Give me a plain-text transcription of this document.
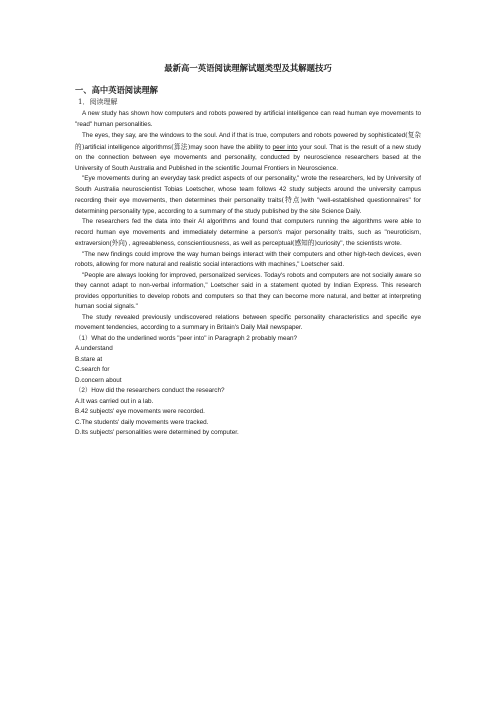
最新高一英语阅读理解试题类型及其解题技巧
一、高中英语阅读理解
1．阅读理解

A new study has shown how computers and robots powered by artificial intelligence can read human eye movements to "read" human personalities.

The eyes, they say, are the windows to the soul. And if that is true, computers and robots powered by sophisticated(复杂的)artificial intelligence algorithms(算法)may soon have the ability to peer into your soul. That is the result of a new study on the connection between eye movements and personality, conducted by neuroscience researchers based at the University of South Australia and Published in the scientific Journal Frontiers in Neuroscience.

"Eye movements during an everyday task predict aspects of our personality," wrote the researchers, led by University of South Australia neuroscientist Tobias Loetscher, whose team follows 42 study subjects around the university campus recording their eye movements, then determines their personality traits(特点)with "well-established questionnaires" for determining personality type, according to a summary of the study published by the site Science Daily.

The researchers fed the data into their AI algorithms and found that computers running the algorithms were able to record human eye movements and immediately determine a person's major personality traits, such as "neuroticism, extraversion(外向) , agreeableness, conscientiousness, as well as perceptual(感知的)curiosity", the scientists wrote.

"The new findings could improve the way human beings interact with their computers and other high-tech devices, even robots, allowing for more natural and realistic social interactions with machines," Loetscher said.

"People are always looking for improved, personalized services. Today's robots and computers are not socially aware so they cannot adapt to non-verbal information," Loetscher said in a statement quoted by Indian Express. This research provides opportunities to develop robots and computers so that they can become more natural, and better at interpreting human social signals."

The study revealed previously undiscovered relations between specific personality characteristics and specific eye movement tendencies, according to a summary in Britain's Daily Mail newspaper.

（1）What do the underlined words "peer into" in Paragraph 2 probably mean?

A.understand

B.stare at

C.search for

D.concern about

（2）How did the researchers conduct the research?

A.It was carried out in a lab.

B.42 subjects' eye movements were recorded.

C.The students' daily movements were tracked.

D.Its subjects' personalities were determined by computer.
